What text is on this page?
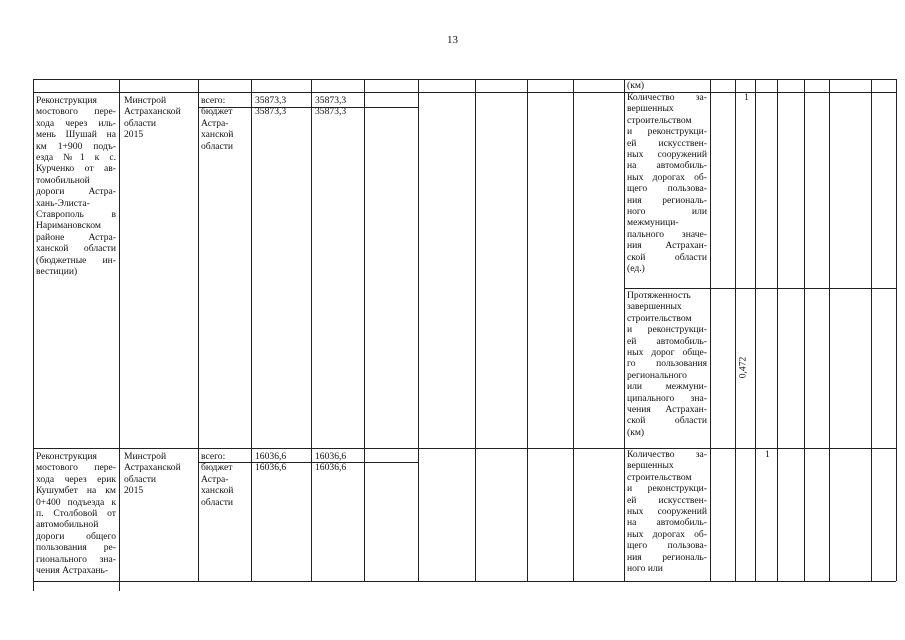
13
(км)
Реконструкция
мостового пере-
хода через иль-
мень Шушай на
км 1+900 подъ-
езда №1 к с.
Курченко от ав-
томобильной
дороги Астра-
хань-Элиста-
Ставрополь в
Наримановском
районе Астра-
ханской области
(бюджетные ин-
вестиции)
Минстрой
Астраханской
области
2015
всего:
бюджет
Астра-
ханской
области
35873,3
35873,3
35873,3
35873,3
Количество за-
вершенных
строительством
и реконструкци-
ей искусствен-
ных сооружений
на автомобиль-
ных дорогах об-
щего пользова-
ния региональ-
ного или
межмуници-
пального значе-
ния Астрахан-
ской области
(ед.)
1
Протяженность
завершенных
строительством
и реконструкци-
ей автомобиль-
ных дорог обще-
го пользования
регионального
или межмуни-
ципального зна-
чения Астрахан-
ской области
(км)
0,472
Реконструкция
мостового пере-
хода через ерик
Кушумбет на км
0+400 подъезда к
п. Столбовой от
автомобильной
дороги общего
пользования ре-
гионального зна-
чения Астрахань-
Минстрой
Астраханской
области
2015
всего:
бюджет
Астра-
ханской
области
16036,6
16036,6
16036,6
16036,6
Количество за-
вершенных
строительством
и реконструкци-
ей искусствен-
ных сооружений
на автомобиль-
ных дорогах об-
щего пользова-
ния региональ-
ного или
1
